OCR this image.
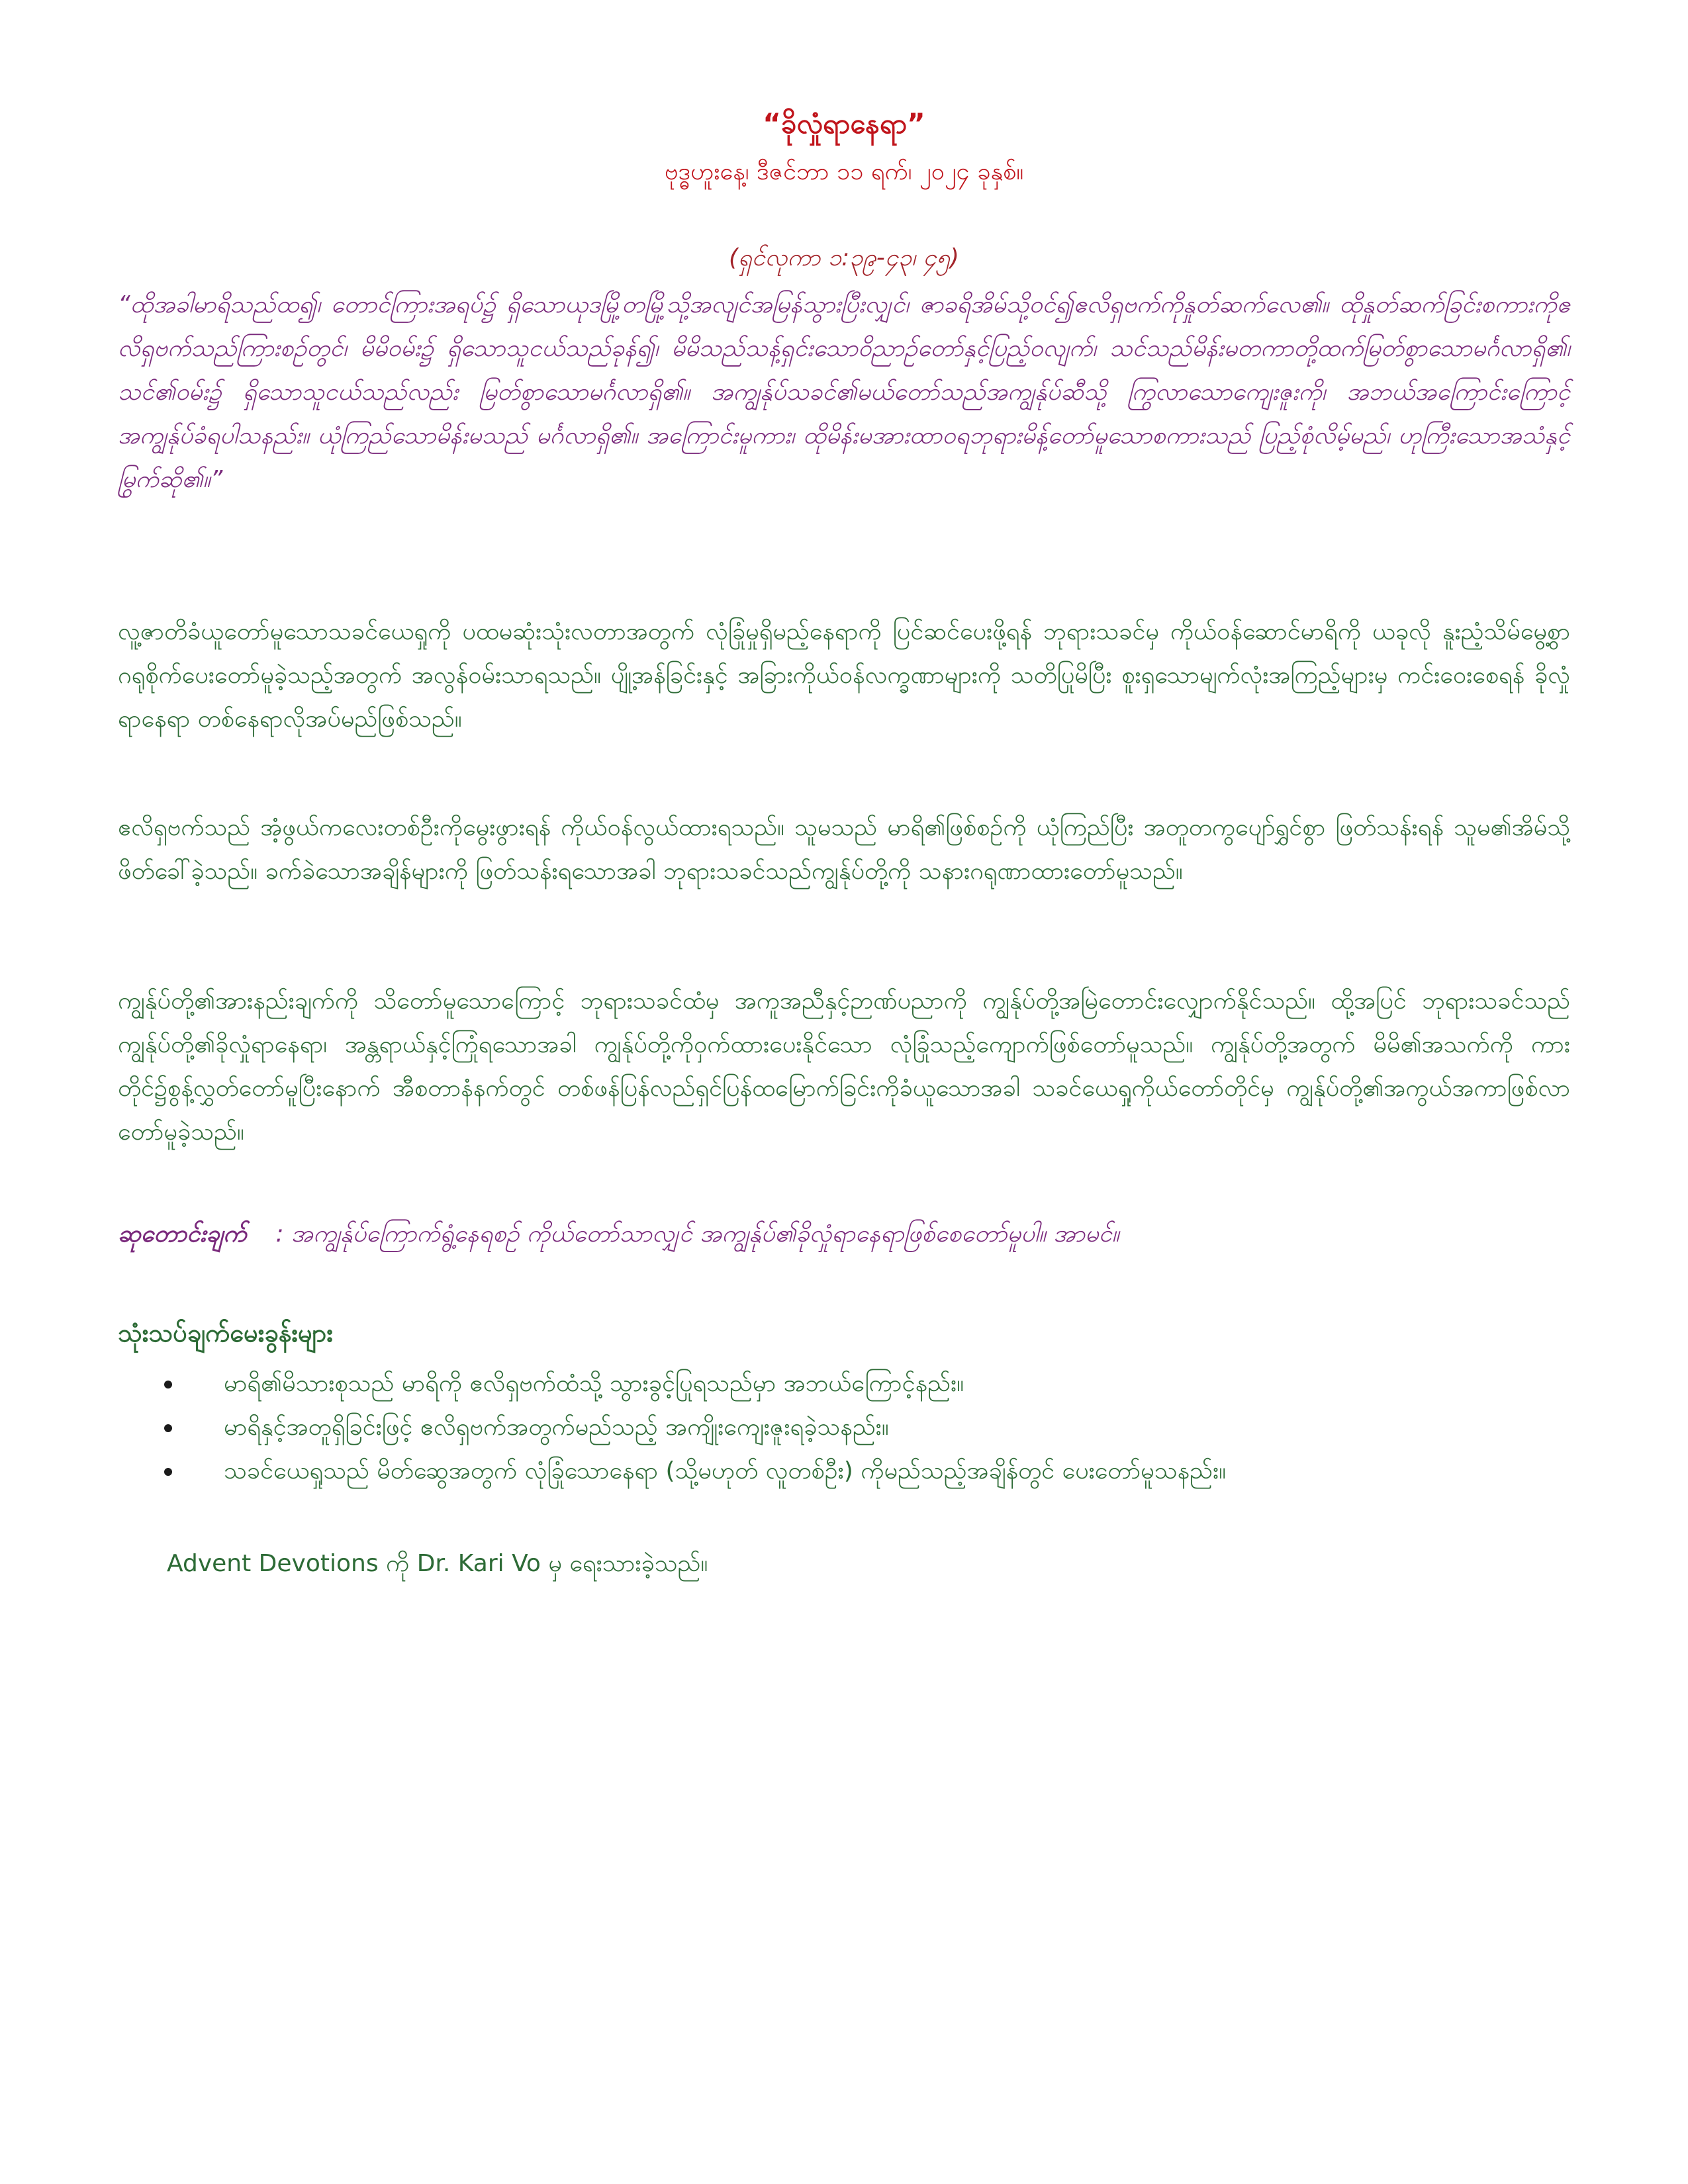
“ခိုလှုံရာနေရာ”
ဗုဒ္ဓဟူးနေ့၊ ဒီဇင်ဘာ ၁၁ ရက်၊ ၂၀၂၄ ခုနှစ်။
(ရှင်လုကာ ၁:၃၉-၄၃၊ ၄၅)
“ထိုအခါမာရိသည်ထ၍၊ တောင်ကြားအရပ်၌ ရှိသောယုဒမြို့တမြို့သို့အလျင်အမြန်သွားပြီးလျှင်၊ ဇာခရိအိမ်သို့ဝင်၍ဧလိရှဗက်ကိုနှုတ်ဆက်လေ၏။ ထိုနှုတ်ဆက်ခြင်းစကားကိုဧလိရှဗက်သည်ကြားစဉ်တွင်၊ မိမိဝမ်း၌ ရှိသောသူငယ်သည်ခုန်၍၊ မိမိသည်သန့်ရှင်းသောဝိညာဉ်တော်နှင့်ပြည့်ဝလျက်၊ သင်သည်မိန်းမတကာတို့ထက်မြတ်စွာသောမင်္ဂလာရှိ၏၊ သင်၏ဝမ်း၌ ရှိသောသူငယ်သည်လည်း မြတ်စွာသောမင်္ဂလာရှိ၏။ အကျွန်ုပ်သခင်၏မယ်တော်သည်အကျွန်ုပ်ဆီသို့ ကြွလာသောကျေးဇူးကို၊ အဘယ်အကြောင်းကြောင့်အကျွန်ုပ်ခံရပါသနည်း။ ယုံကြည်သောမိန်းမသည် မင်္ဂလာရှိ၏။ အကြောင်းမူကား၊ ထိုမိန်းမအားထာဝရဘုရားမိန့်တော်မူသောစကားသည် ပြည့်စုံလိမ့်မည်၊ ဟုကြီးသောအသံနှင့်မြွက်ဆို၏။”
လူ့ဇာတိခံယူတော်မူသောသခင်ယေရှုကို ပထမဆုံးသုံးလတာအတွက် လုံခြုံမှုရှိမည့်နေရာကို ပြင်ဆင်ပေးဖို့ရန် ဘုရားသခင်မှ ကိုယ်ဝန်ဆောင်မာရိကို ယခုလို နူးညံ့သိမ်မွေ့စွာ ဂရုစိုက်ပေးတော်မူခဲ့သည့်အတွက် အလွန်ဝမ်းသာရသည်။ ပျို့အန်ခြင်းနှင့် အခြားကိုယ်ဝန်လက္ခဏာများကို သတိပြုမိပြီး စူးရှသောမျက်လုံးအကြည့်များမှ ကင်းဝေးစေရန် ခိုလှုံရာနေရာ တစ်နေရာလိုအပ်မည်ဖြစ်သည်။
ဧလိရှဗက်သည် အံ့ဖွယ်ကလေးတစ်ဦးကိုမွေးဖွားရန် ကိုယ်ဝန်လွယ်ထားရသည်။ သူမသည် မာရိ၏ဖြစ်စဉ်ကို ယုံကြည်ပြီး အတူတကွပျော်ရွှင်စွာ ဖြတ်သန်းရန် သူမ၏အိမ်သို့ ဖိတ်ခေါ်ခဲ့သည်။ ခက်ခဲသောအချိန်များကို ဖြတ်သန်းရသောအခါ ဘုရားသခင်သည်ကျွန်ုပ်တို့ကို သနားဂရုဏာထားတော်မူသည်။
ကျွန်ုပ်တို့၏အားနည်းချက်ကို သိတော်မူသောကြောင့် ဘုရားသခင်ထံမှ အကူအညီနှင့်ဉာဏ်ပညာကို ကျွန်ုပ်တို့အမြဲတောင်းလျှောက်နိုင်သည်။ ထို့အပြင် ဘုရားသခင်သည် ကျွန်ုပ်တို့၏ခိုလှုံရာနေရာ၊ အန္တရာယ်နှင့်ကြုံရသောအခါ ကျွန်ုပ်တို့ကိုဝှက်ထားပေးနိုင်သော လုံခြုံသည့်ကျောက်ဖြစ်တော်မူသည်။ ကျွန်ုပ်တို့အတွက် မိမိ၏အသက်ကို ကားတိုင်၌စွန့်လွှတ်တော်မူပြီးနောက် အီစတာနံနက်တွင် တစ်ဖန်ပြန်လည်ရှင်ပြန်ထမြောက်ခြင်းကိုခံယူသောအခါ သခင်ယေရှုကိုယ်တော်တိုင်မှ ကျွန်ုပ်တို့၏အကွယ်အကာဖြစ်လာတော်မူခဲ့သည်။
ဆုတောင်းချက် : အကျွန်ုပ်ကြောက်ရွံ့နေရစဉ် ကိုယ်တော်သာလျှင် အကျွန်ုပ်၏ခိုလှုံရာနေရာဖြစ်စေတော်မူပါ။ အာမင်။
သုံးသပ်ချက်မေးခွန်းများ
မာရိ၏မိသားစုသည် မာရိကို ဧလိရှဗက်ထံသို့ သွားခွင့်ပြုရသည်မှာ အဘယ်ကြောင့်နည်း။
မာရိနှင့်အတူရှိခြင်းဖြင့် ဧလိရှဗက်အတွက်မည်သည့် အကျိုးကျေးဇူးရခဲ့သနည်း။
သခင်ယေရှုသည် မိတ်ဆွေအတွက် လုံခြုံသောနေရာ (သို့မဟုတ် လူတစ်ဦး) ကိုမည်သည့်အချိန်တွင် ပေးတော်မူသနည်း။
Advent Devotions ကို Dr. Kari Vo မှ ရေးသားခဲ့သည်။
